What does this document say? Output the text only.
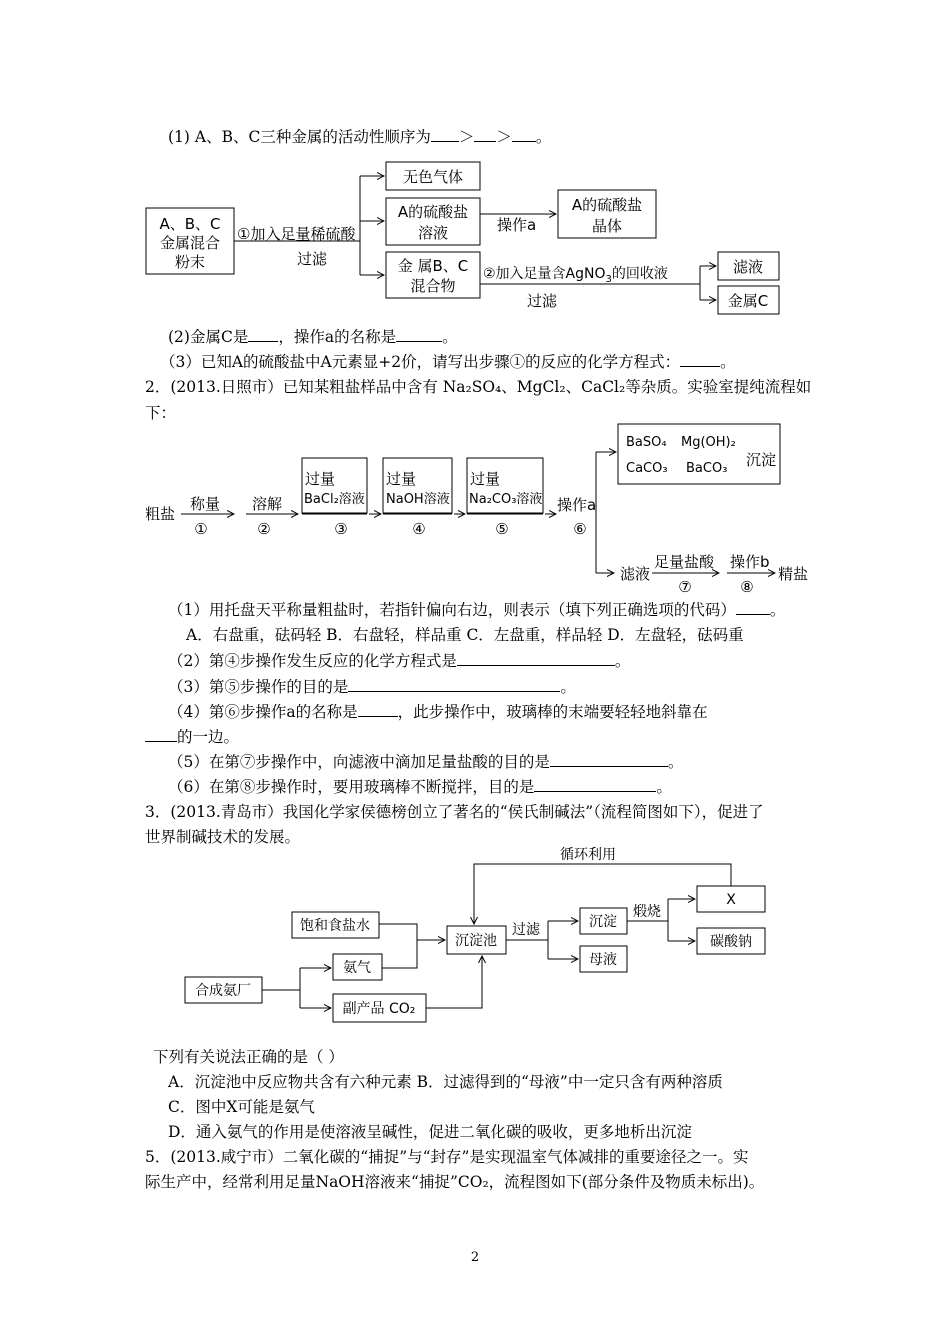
(1) A、B、C三种金属的活动性顺序为 ＞ ＞ 。
A、B、C
金属混合
粉末
①加入足量稀硫酸
过滤
无色气体
A的硫酸盐
溶液	操作a
A的硫酸盐
晶体
金 属B、C
混合物
②加入足量含AgNO$_3$的回收液
过滤
滤液
金属C
(2)金属C是 ，操作a的名称是	。
（3）已知A的硫酸盐中A元素显+2价，请写出步骤①的反应的化学方程式：	。
2．(2013.日照市）已知某粗盐样品中含有 Na₂SO₄、MgCl₂、CaCl₂等杂质。实验室提纯流程如
下：
粗盐
称量 溶解
过量
BaCl₂溶液
过量
NaOH溶液
过量
Na₂CO₃溶液 操作a
BaSO₄ Mg(OH)₂
CaCO₃ BaCO₃ 沉淀
滤液
足量盐酸 操作b
精盐
①	②	③	④	⑤	⑥
⑦	⑧
（1）用托盘天平称量粗盐时，若指针偏向右边，则表示（填下列正确选项的代码） 。
A．右盘重，砝码轻 B．右盘轻，样品重 C．左盘重，样品轻 D．左盘轻，砝码重
（2）第④步操作发生反应的化学方程式是	。
（3）第⑤步操作的目的是	。
（4）第⑥步操作a的名称是	，此步操作中，玻璃棒的末端要轻轻地斜靠在
的一边。
（5）在第⑦步操作中，向滤液中滴加足量盐酸的目的是	。
（6）在第⑧步操作时，要用玻璃棒不断搅拌，目的是	。
3．(2013.青岛市）我国化学家侯德榜创立了著名的“侯氏制碱法”（流程简图如下），促进了
世界制碱技术的发展。
循环利用
饱和食盐水
合成氨厂
氨气
副产品 CO₂
沉淀池
过滤	沉淀
母液
煅烧
X
碳酸钠
下列有关说法正确的是（ ）
A．沉淀池中反应物共含有六种元素 B．过滤得到的“母液”中一定只含有两种溶质
C．图中X可能是氨气
D．通入氨气的作用是使溶液呈碱性，促进二氧化碳的吸收，更多地析出沉淀
5．(2013.咸宁市）二氧化碳的“捕捉”与“封存”是实现温室气体减排的重要途径之一。实
际生产中，经常利用足量NaOH溶液来“捕捉”CO₂，流程图如下(部分条件及物质未标出)。
2
